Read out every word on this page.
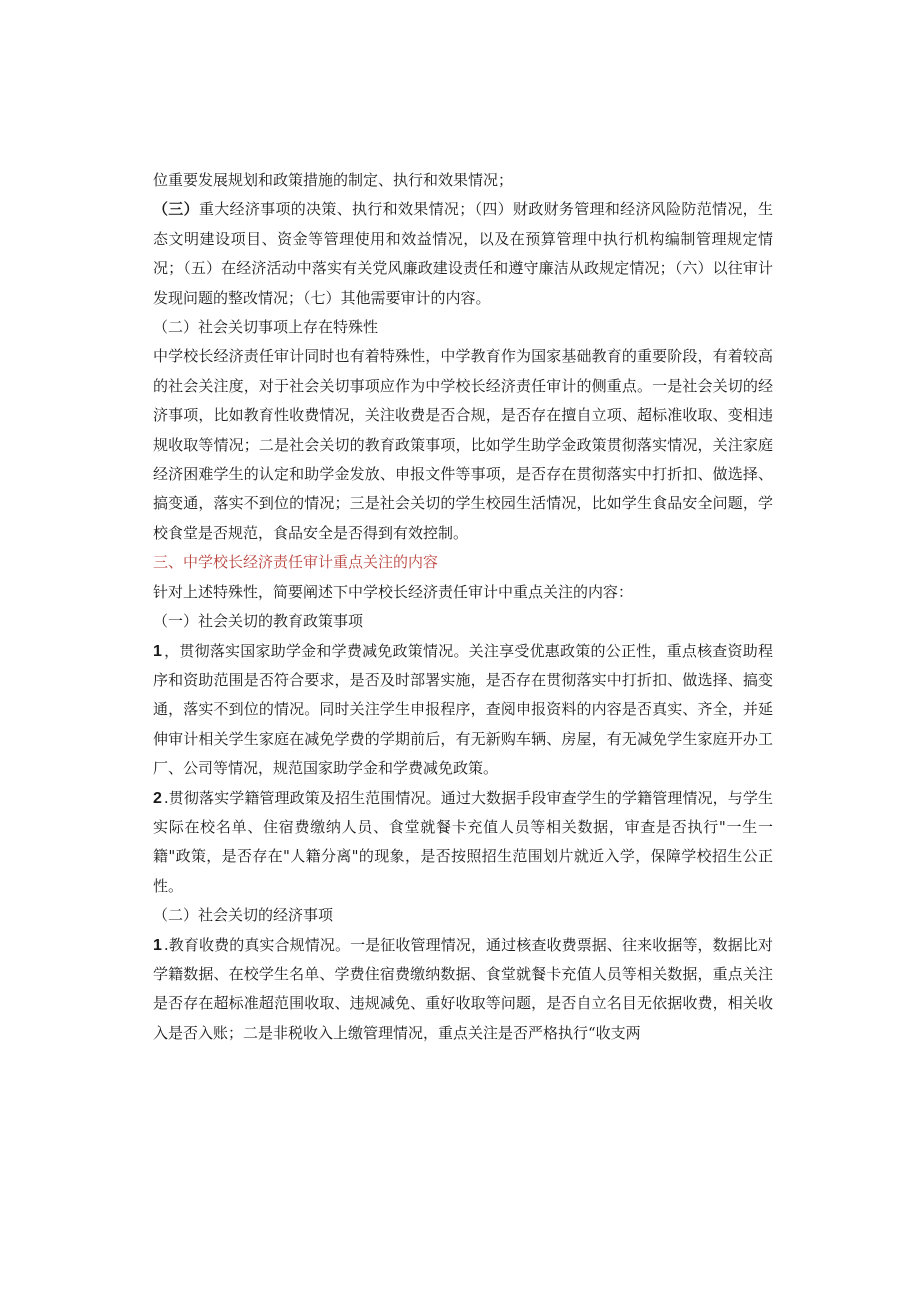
位重要发展规划和政策措施的制定、执行和效果情况；

（三）重大经济事项的决策、执行和效果情况；（四）财政财务管理和经济风险防范情况，生态文明建设项目、资金等管理使用和效益情况，以及在预算管理中执行机构编制管理规定情况；（五）在经济活动中落实有关党风廉政建设责任和遵守廉洁从政规定情况；（六）以往审计发现问题的整改情况；（七）其他需要审计的内容。

（二）社会关切事项上存在特殊性

中学校长经济责任审计同时也有着特殊性，中学教育作为国家基础教育的重要阶段，有着较高的社会关注度，对于社会关切事项应作为中学校长经济责任审计的侧重点。一是社会关切的经济事项，比如教育性收费情况，关注收费是否合规，是否存在擅自立项、超标准收取、变相违规收取等情况；二是社会关切的教育政策事项，比如学生助学金政策贯彻落实情况，关注家庭经济困难学生的认定和助学金发放、申报文件等事项，是否存在贯彻落实中打折扣、做选择、搞变通，落实不到位的情况；三是社会关切的学生校园生活情况，比如学生食品安全问题，学校食堂是否规范，食品安全是否得到有效控制。

三、中学校长经济责任审计重点关注的内容

针对上述特殊性，简要阐述下中学校长经济责任审计中重点关注的内容：

（一）社会关切的教育政策事项

1 ，贯彻落实国家助学金和学费减免政策情况。关注享受优惠政策的公正性，重点核查资助程序和资助范围是否符合要求，是否及时部署实施，是否存在贯彻落实中打折扣、做选择、搞变通，落实不到位的情况。同时关注学生申报程序，查阅申报资料的内容是否真实、齐全，并延伸审计相关学生家庭在减免学费的学期前后，有无新购车辆、房屋，有无减免学生家庭开办工厂、公司等情况，规范国家助学金和学费减免政策。

2 .贯彻落实学籍管理政策及招生范围情况。通过大数据手段审查学生的学籍管理情况，与学生实际在校名单、住宿费缴纳人员、食堂就餐卡充值人员等相关数据，审查是否执行"一生一籍"政策，是否存在"人籍分离"的现象，是否按照招生范围划片就近入学，保障学校招生公正性。

（二）社会关切的经济事项

1 .教育收费的真实合规情况。一是征收管理情况，通过核查收费票据、往来收据等，数据比对学籍数据、在校学生名单、学费住宿费缴纳数据、食堂就餐卡充值人员等相关数据，重点关注是否存在超标准超范围收取、违规减免、重好收取等问题，是否自立名目无依据收费，相关收入是否入账；二是非税收入上缴管理情况，重点关注是否严格执行“收支两
